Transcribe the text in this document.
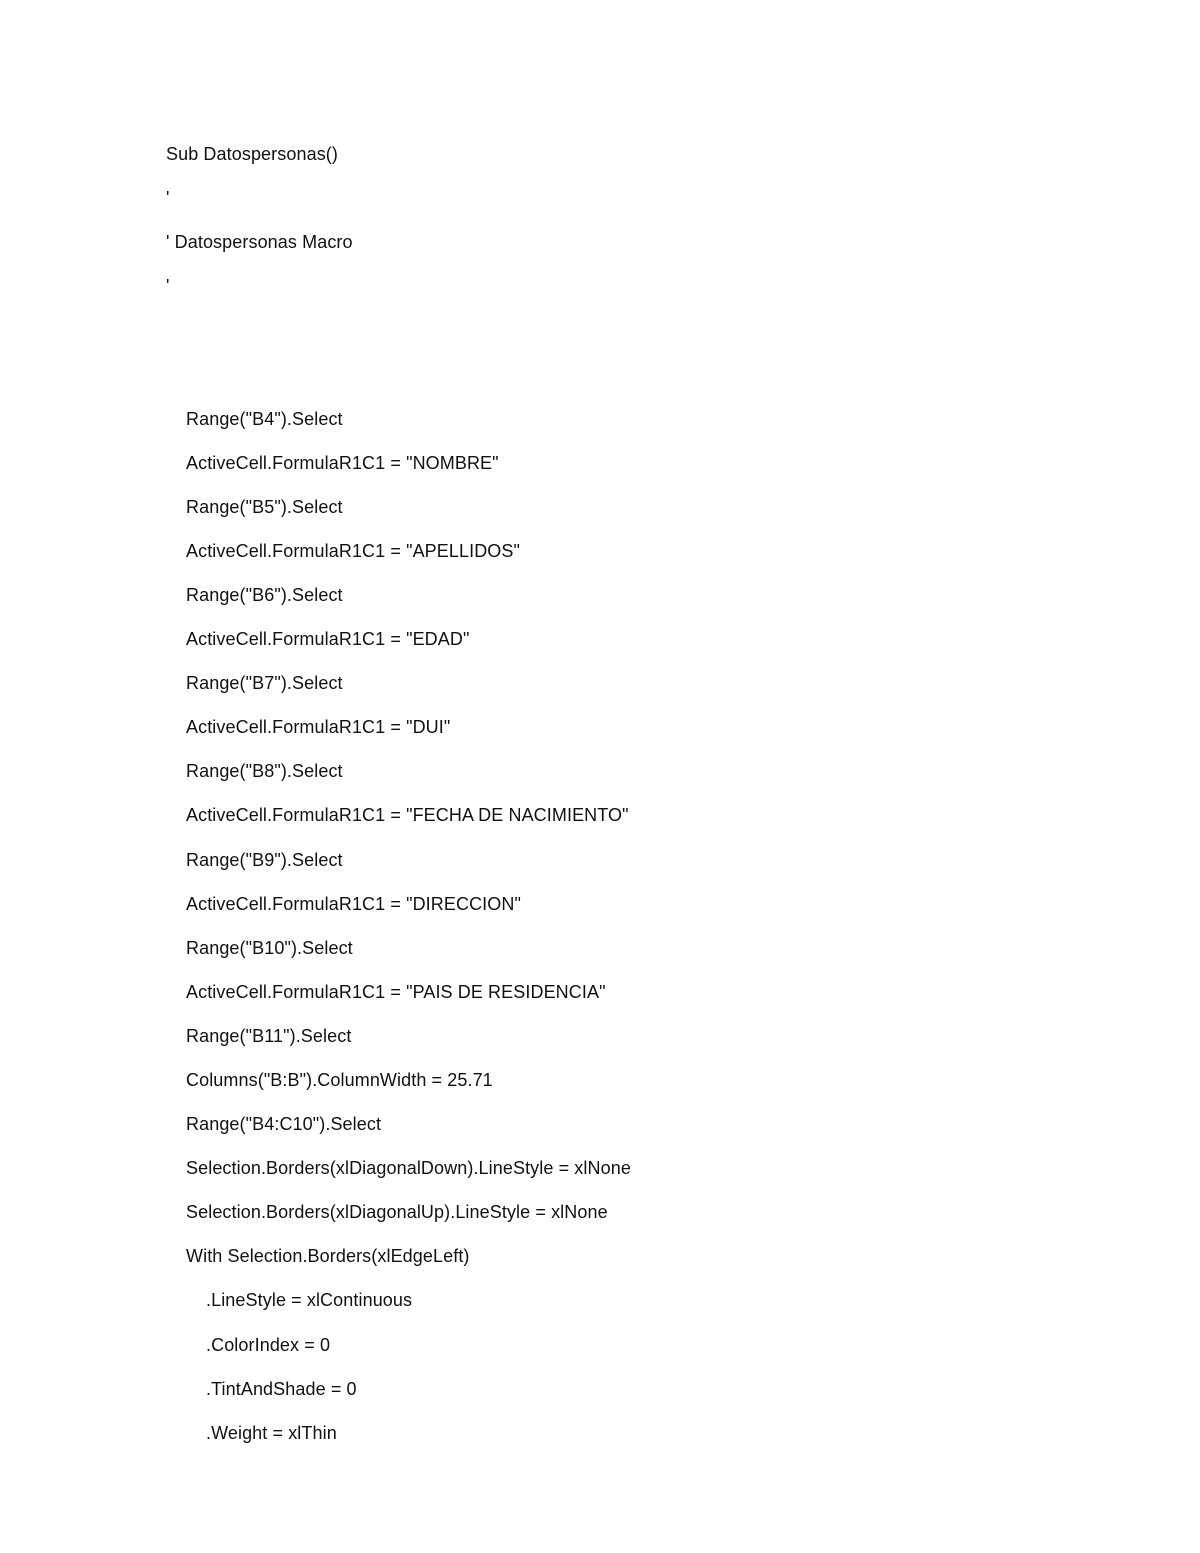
Sub Datospersonas()
'
' Datospersonas Macro
'
Range("B4").Select
ActiveCell.FormulaR1C1 = "NOMBRE"
Range("B5").Select
ActiveCell.FormulaR1C1 = "APELLIDOS"
Range("B6").Select
ActiveCell.FormulaR1C1 = "EDAD"
Range("B7").Select
ActiveCell.FormulaR1C1 = "DUI"
Range("B8").Select
ActiveCell.FormulaR1C1 = "FECHA DE NACIMIENTO"
Range("B9").Select
ActiveCell.FormulaR1C1 = "DIRECCION"
Range("B10").Select
ActiveCell.FormulaR1C1 = "PAIS DE RESIDENCIA"
Range("B11").Select
Columns("B:B").ColumnWidth = 25.71
Range("B4:C10").Select
Selection.Borders(xlDiagonalDown).LineStyle = xlNone
Selection.Borders(xlDiagonalUp).LineStyle = xlNone
With Selection.Borders(xlEdgeLeft)
.LineStyle = xlContinuous
.ColorIndex = 0
.TintAndShade = 0
.Weight = xlThin
